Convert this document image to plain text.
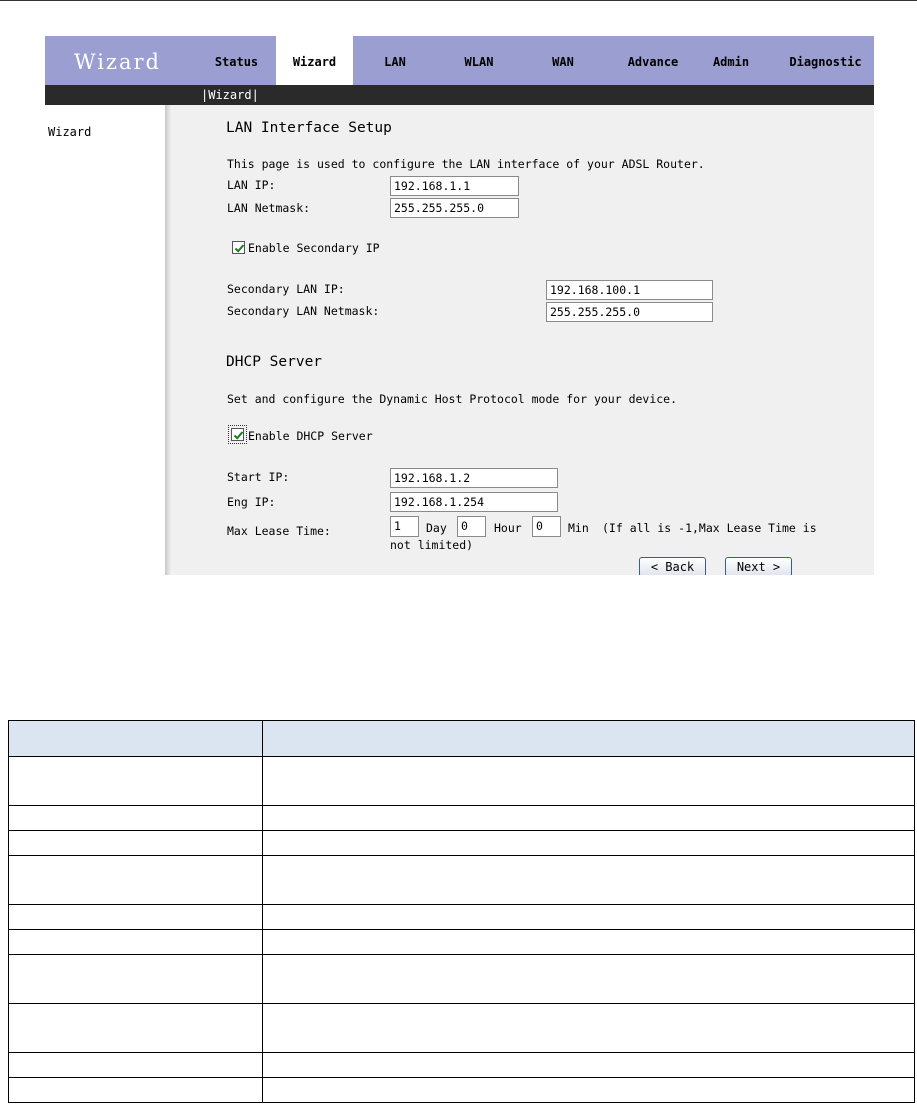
Wizard	Status	Wizard	LAN	WLAN	WAN	Advance	Admin	Diagnostic
|Wizard|
Wizard	LAN Interface Setup
This page is used to configure the LAN interface of your ADSL Router.
LAN IP:	192.168.1.1
LAN Netmask:	255.255.255.0
Enable Secondary IP
Secondary LAN IP:	192.168.100.1
Secondary LAN Netmask:	255.255.255.0
DHCP Server
Set and configure the Dynamic Host Protocol mode for your device.
Enable DHCP Server
Start IP:	192.168.1.2
Eng IP:	192.168.1.254
Max Lease Time:	1	Day	0	Hour	0	Min (If all is -1,Max Lease Time is
not limited)
< Back	Next >
